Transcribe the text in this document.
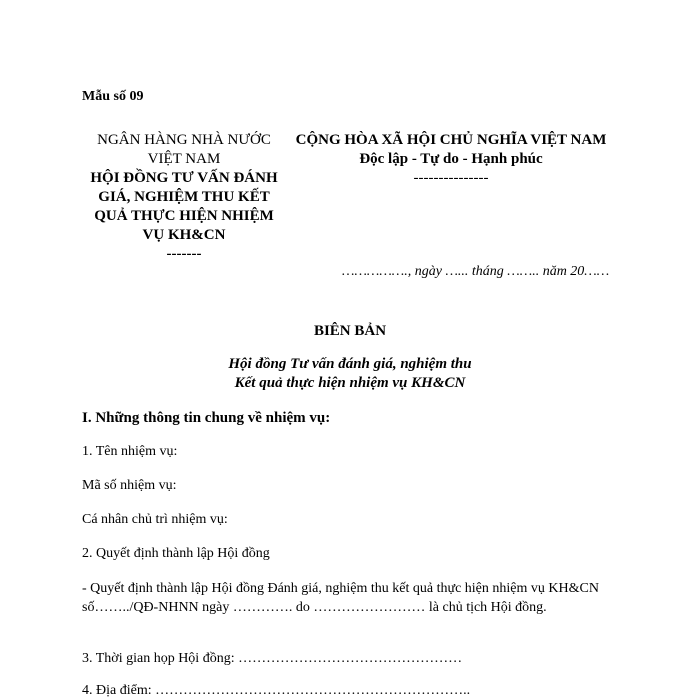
Mẫu số 09
NGÂN HÀNG NHÀ NƯỚC VIỆT NAM
HỘI ĐỒNG TƯ VẤN ĐÁNH GIÁ, NGHIỆM THU KẾT QUẢ THỰC HIỆN NHIỆM VỤ KH&CN
-------
CỘNG HÒA XÃ HỘI CHỦ NGHĨA VIỆT NAM
Độc lập - Tự do - Hạnh phúc
---------------
……………., ngày …... tháng …….. năm 20……
BIÊN BẢN
Hội đồng Tư vấn đánh giá, nghiệm thu
Kết quả thực hiện nhiệm vụ KH&CN
I. Những thông tin chung về nhiệm vụ:
1. Tên nhiệm vụ:
Mã số nhiệm vụ:
Cá nhân chủ trì nhiệm vụ:
2. Quyết định thành lập Hội đồng
- Quyết định thành lập Hội đồng Đánh giá, nghiệm thu kết quả thực hiện nhiệm vụ KH&CN số……../QĐ-NHNN ngày …………. do …………………… là chủ tịch Hội đồng.
3. Thời gian họp Hội đồng: …………………………………………
4. Địa điểm: …………………………………………………………..
